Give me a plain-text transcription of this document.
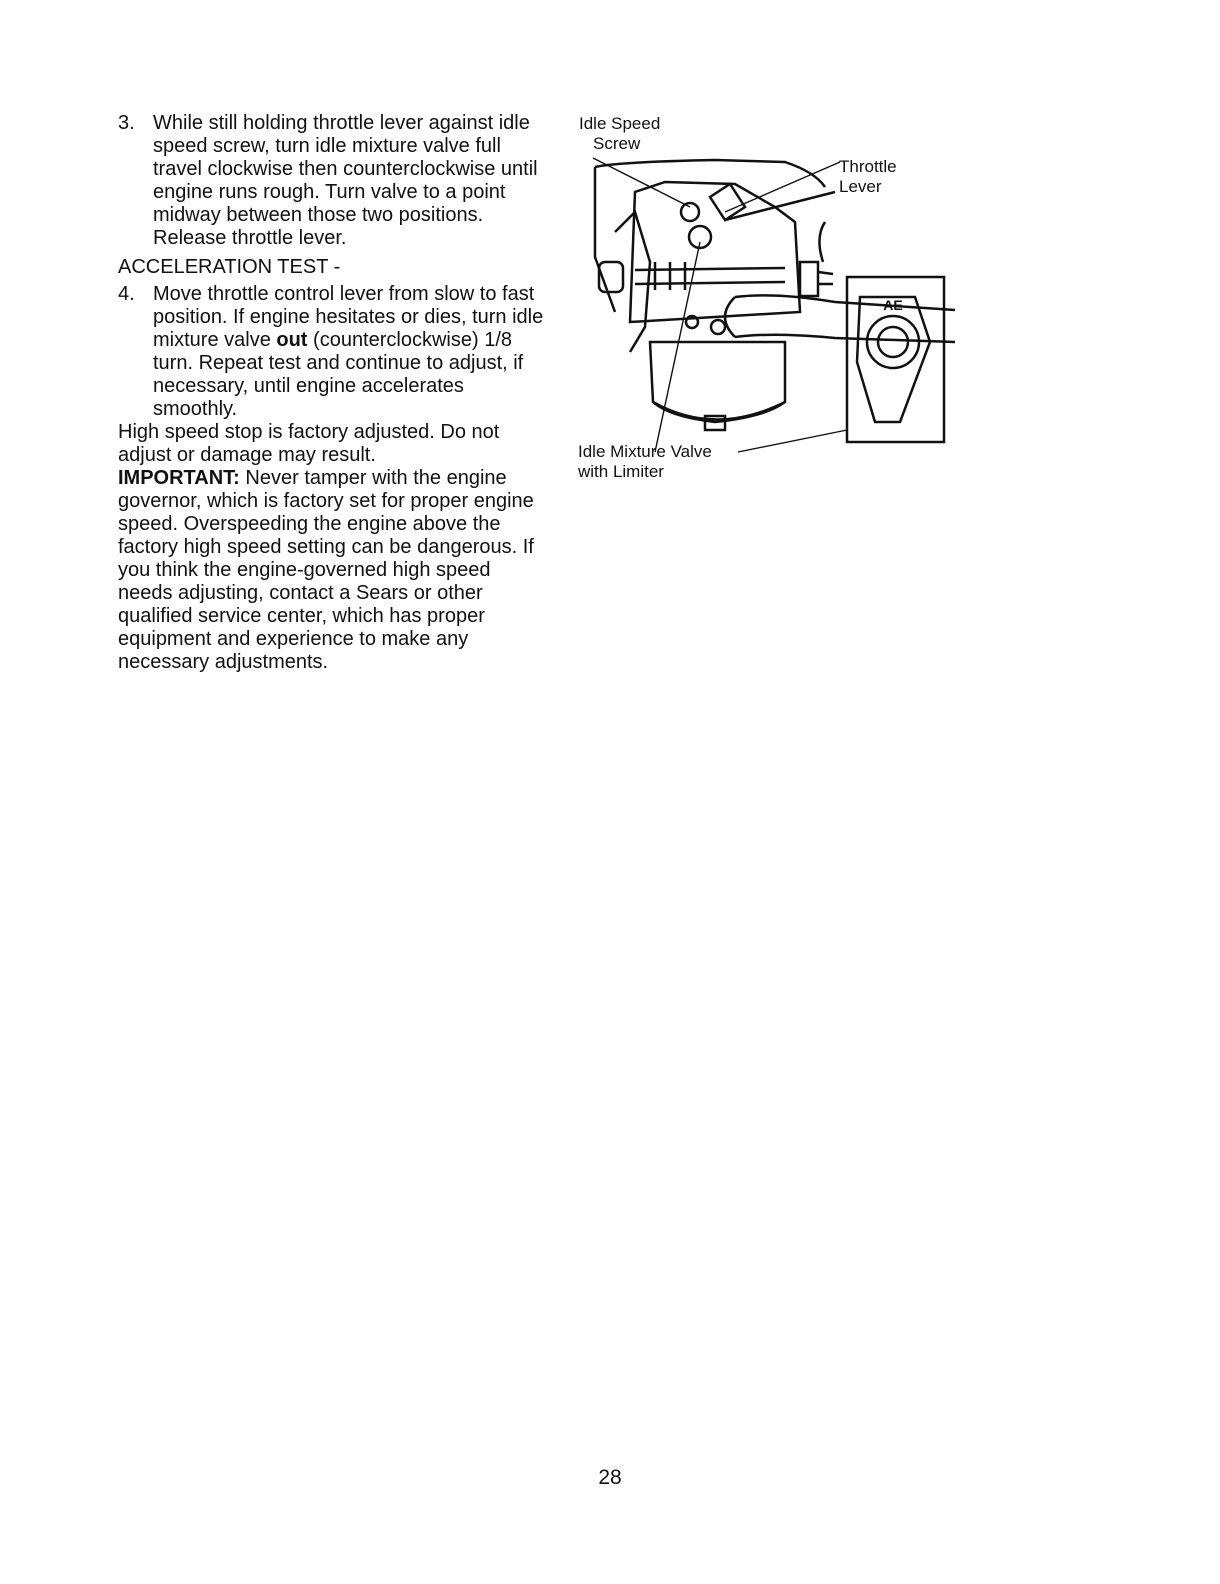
3. While still holding throttle lever against idle speed screw, turn idle mixture valve full travel clockwise then counterclockwise until engine runs rough. Turn valve to a point midway between those two positions. Release throttle lever.

ACCELERATION TEST -
4. Move throttle control lever from slow to fast position. If engine hesitates or dies, turn idle mixture valve out (counterclockwise) 1/8 turn. Repeat test and continue to adjust, if necessary, until engine accelerates smoothly.

High speed stop is factory adjusted. Do not adjust or damage may result.

IMPORTANT: Never tamper with the engine governor, which is factory set for proper engine speed. Overspeeding the engine above the factory high speed setting can be dangerous. If you think the engine-governed high speed needs adjusting, contact a Sears or other qualified service center, which has proper equipment and experience to make any necessary adjustments.

AE
Idle Speed
Screw
Throttle
Lever
Idle Mixture Valve
with Limiter
28
